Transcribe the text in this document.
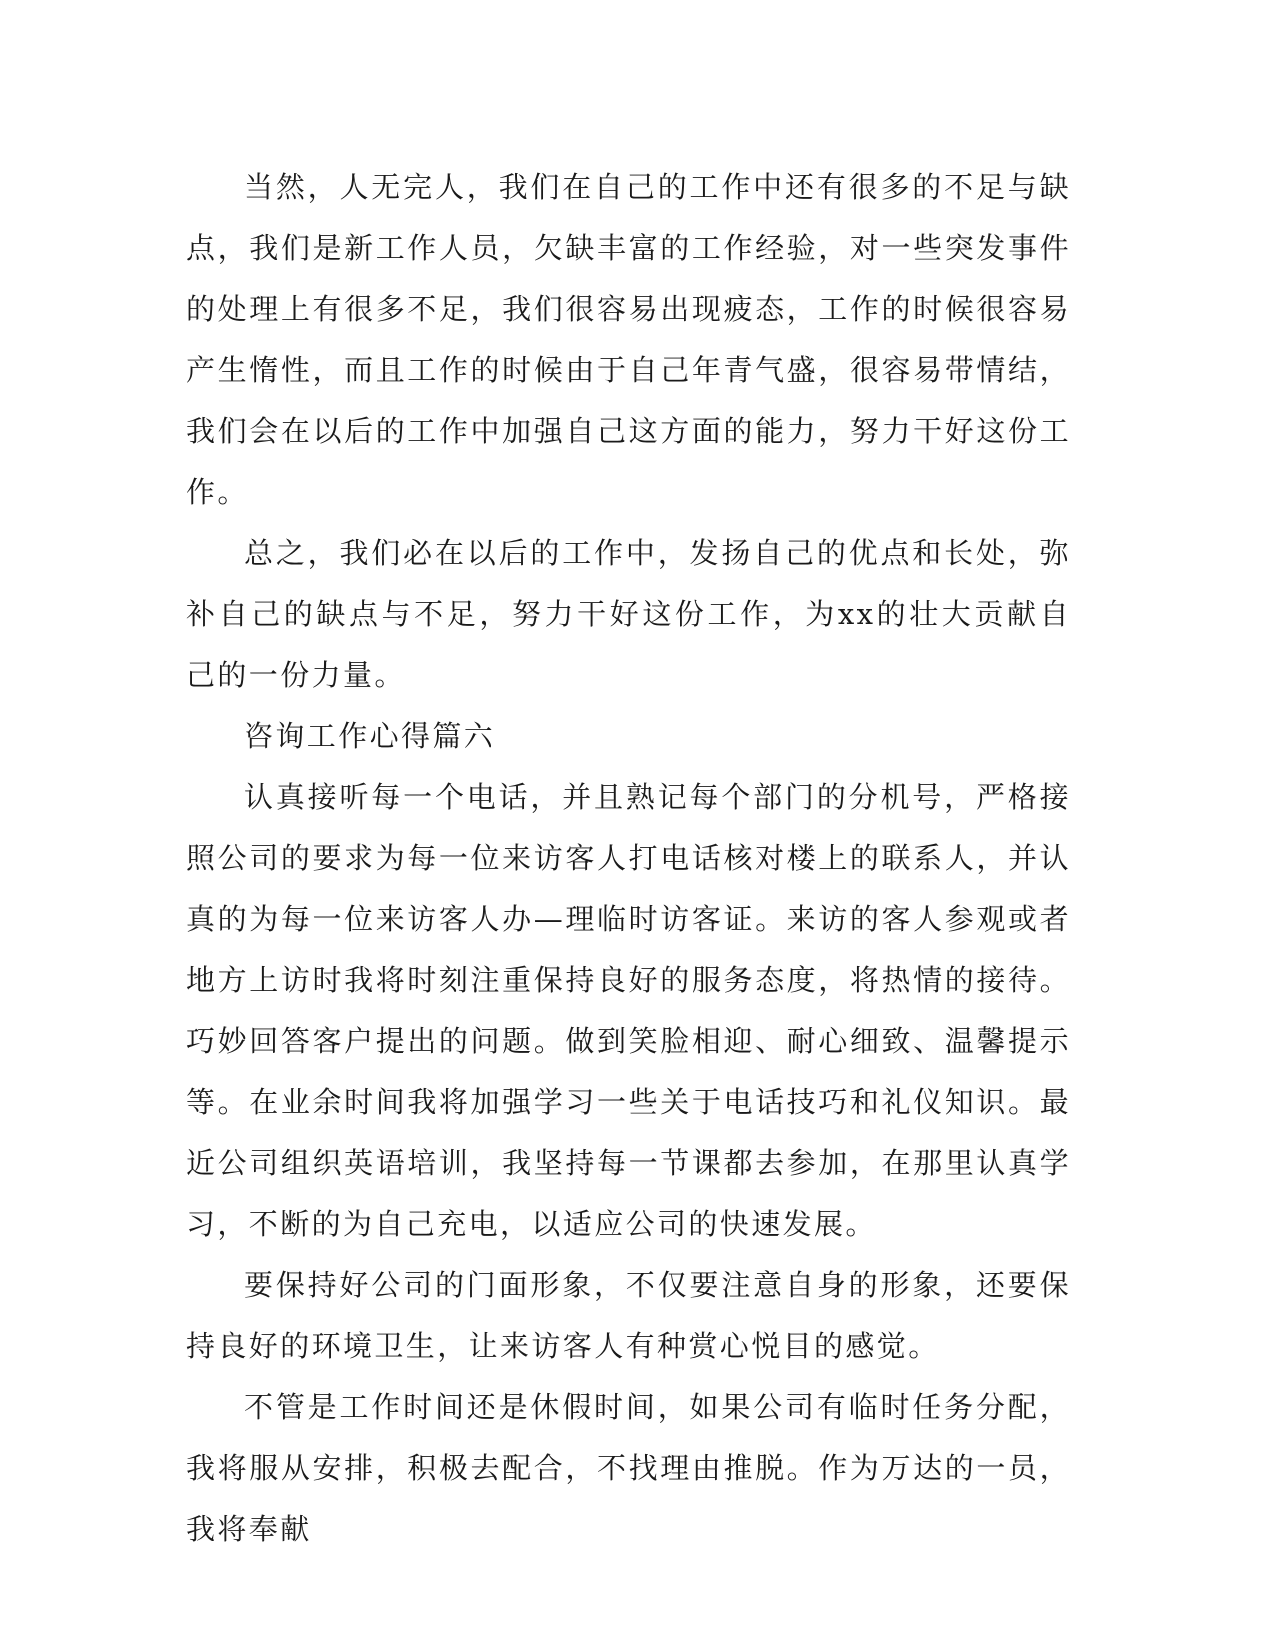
当然，人无完人，我们在自己的工作中还有很多的不足与缺点，我们是新工作人员，欠缺丰富的工作经验，对一些突发事件的处理上有很多不足，我们很容易出现疲态，工作的时候很容易产生惰性，而且工作的时候由于自己年青气盛，很容易带情结，我们会在以后的工作中加强自己这方面的能力，努力干好这份工作。

总之，我们必在以后的工作中，发扬自己的优点和长处，弥补自己的缺点与不足，努力干好这份工作，为xx的壮大贡献自己的一份力量。

咨询工作心得篇六

认真接听每一个电话，并且熟记每个部门的分机号，严格接照公司的要求为每一位来访客人打电话核对楼上的联系人，并认真的为每一位来访客人办—理临时访客证。来访的客人参观或者地方上访时我将时刻注重保持良好的服务态度，将热情的接待。巧妙回答客户提出的问题。做到笑脸相迎、耐心细致、温馨提示等。在业余时间我将加强学习一些关于电话技巧和礼仪知识。最近公司组织英语培训，我坚持每一节课都去参加，在那里认真学习，不断的为自己充电，以适应公司的快速发展。

要保持好公司的门面形象，不仅要注意自身的形象，还要保持良好的环境卫生，让来访客人有种赏心悦目的感觉。

不管是工作时间还是休假时间，如果公司有临时任务分配，我将服从安排，积极去配合，不找理由推脱。作为万达的一员，我将奉献
